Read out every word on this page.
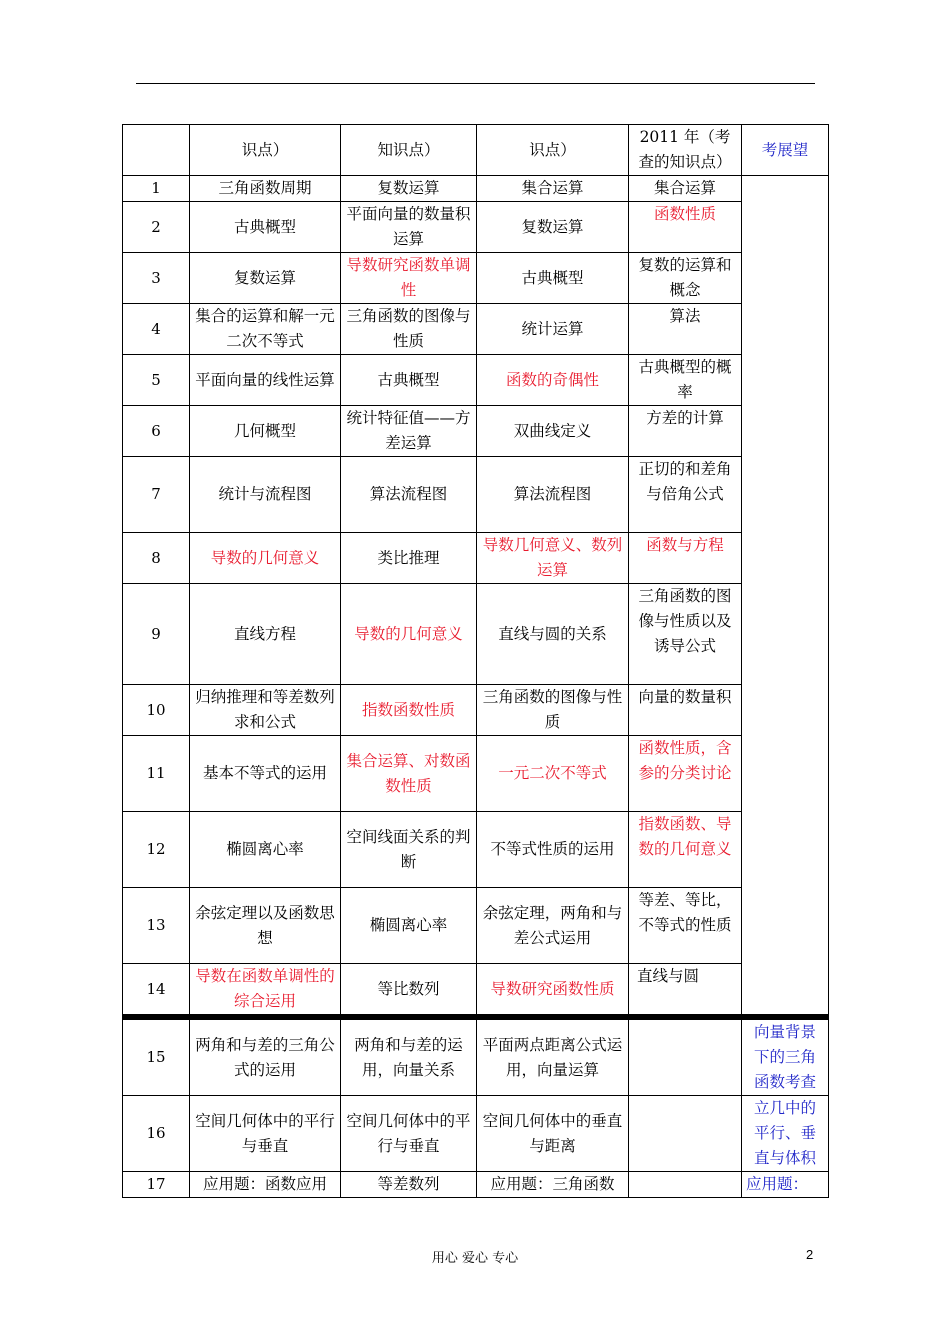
	识点）	知识点）	识点）	2011 年（考查的知识点）	考展望
1	三角函数周期	复数运算	集合运算	集合运算	
2	古典概型	平面向量的数量积运算	复数运算	函数性质	
3	复数运算	导数研究函数单调性	古典概型	复数的运算和概念	
4	集合的运算和解一元二次不等式	三角函数的图像与性质	统计运算	算法	
5	平面向量的线性运算	古典概型	函数的奇偶性	古典概型的概率	
6	几何概型	统计特征值——方差运算	双曲线定义	方差的计算	
7	统计与流程图	算法流程图	算法流程图	正切的和差角与倍角公式	
8	导数的几何意义	类比推理	导数几何意义、数列运算	函数与方程	
9	直线方程	导数的几何意义	直线与圆的关系	三角函数的图像与性质以及诱导公式	
10	归纳推理和等差数列求和公式	指数函数性质	三角函数的图像与性质	向量的数量积	
11	基本不等式的运用	集合运算、对数函数性质	一元二次不等式	函数性质，含参的分类讨论	
12	椭圆离心率	空间线面关系的判断	不等式性质的运用	指数函数、导数的几何意义	
13	余弦定理以及函数思想	椭圆离心率	余弦定理，两角和与差公式运用	等差、等比，不等式的性质	
14	导数在函数单调性的综合运用	等比数列	导数研究函数性质	直线与圆	

15	两角和与差的三角公式的运用	两角和与差的运用，向量关系	平面两点距离公式运用，向量运算		向量背景下的三角函数考查
16	空间几何体中的平行与垂直	空间几何体中的平行与垂直	空间几何体中的垂直与距离		立几中的平行、垂直与体积
17	应用题：函数应用	等差数列	应用题：三角函数		应用题：
用心 爱心 专心	2
